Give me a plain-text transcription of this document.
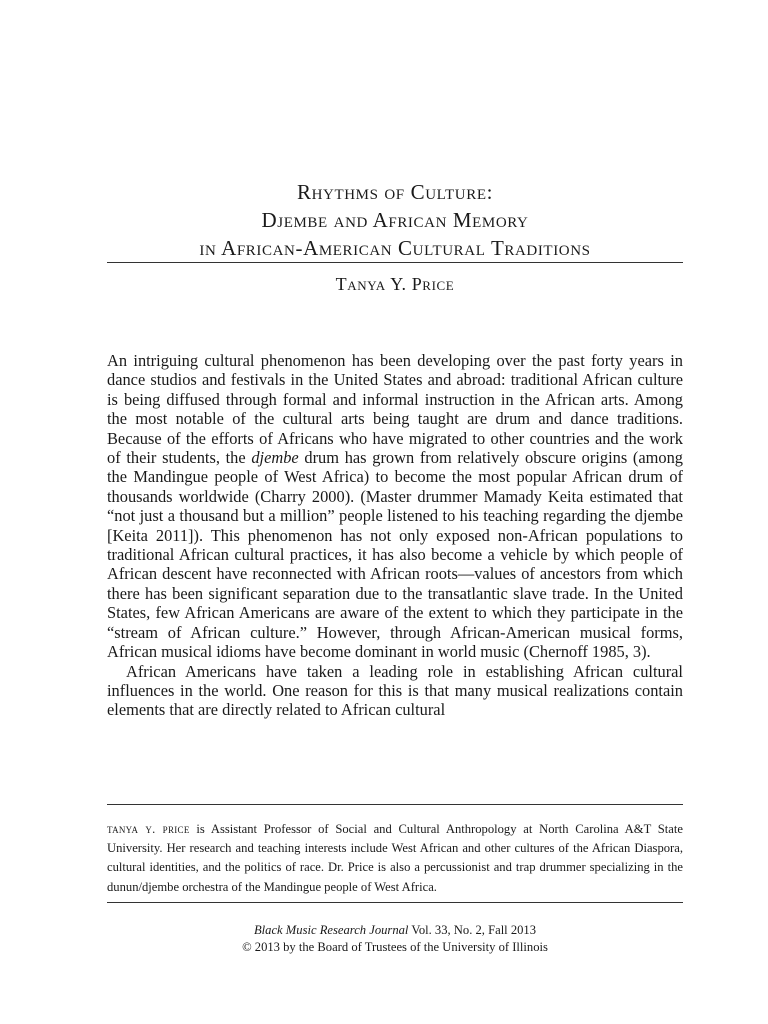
Rhythms of Culture:
Djembe and African Memory
in African-American Cultural Traditions
Tanya Y. Price

An intriguing cultural phenomenon has been developing over the past forty years in dance studios and festivals in the United States and abroad: traditional African culture is being diffused through formal and informal instruction in the African arts. Among the most notable of the cultural arts being taught are drum and dance traditions. Because of the efforts of Africans who have migrated to other countries and the work of their students, the djembe drum has grown from relatively obscure origins (among the Mandingue people of West Africa) to become the most popular African drum of thousands worldwide (Charry 2000). (Master drummer Mamady Keita estimated that “not just a thousand but a million” people listened to his teaching regarding the djembe [Keita 2011]). This phenomenon has not only exposed non-African populations to traditional African cultural practices, it has also become a vehicle by which people of African descent have reconnected with African roots—values of ancestors from which there has been significant separation due to the transatlantic slave trade. In the United States, few African Americans are aware of the extent to which they participate in the “stream of African culture.” However, through African-American musical forms, African musical idioms have become dominant in world music (Chernoff 1985, 3).

African Americans have taken a leading role in establishing African cultural influences in the world. One reason for this is that many musical realizations contain elements that are directly related to African cultural

tanya y. price is Assistant Professor of Social and Cultural Anthropology at North Carolina A&T State University. Her research and teaching interests include West African and other cultures of the African Diaspora, cultural identities, and the politics of race. Dr. Price is also a percussionist and trap drummer specializing in the dunun/djembe orchestra of the Mandingue people of West Africa.
Black Music Research Journal Vol. 33, No. 2, Fall 2013
© 2013 by the Board of Trustees of the University of Illinois
